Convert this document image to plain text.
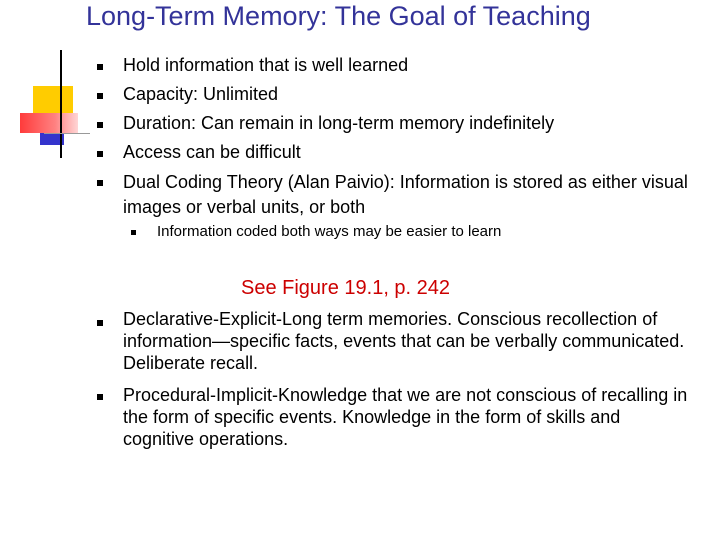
Long-Term Memory: The Goal of Teaching
Hold information that is well learned
Capacity: Unlimited
Duration: Can remain in long-term memory indefinitely
Access can be difficult
Dual Coding Theory (Alan Paivio): Information is stored as either visual images or verbal units, or both
Information coded both ways may be easier to learn
See Figure 19.1, p. 242
Declarative-Explicit-Long term memories. Conscious recollection of information—specific facts, events that can be verbally communicated. Deliberate recall.
Procedural-Implicit-Knowledge that we are not conscious of recalling in the form of specific events. Knowledge in the form of skills and cognitive operations.
